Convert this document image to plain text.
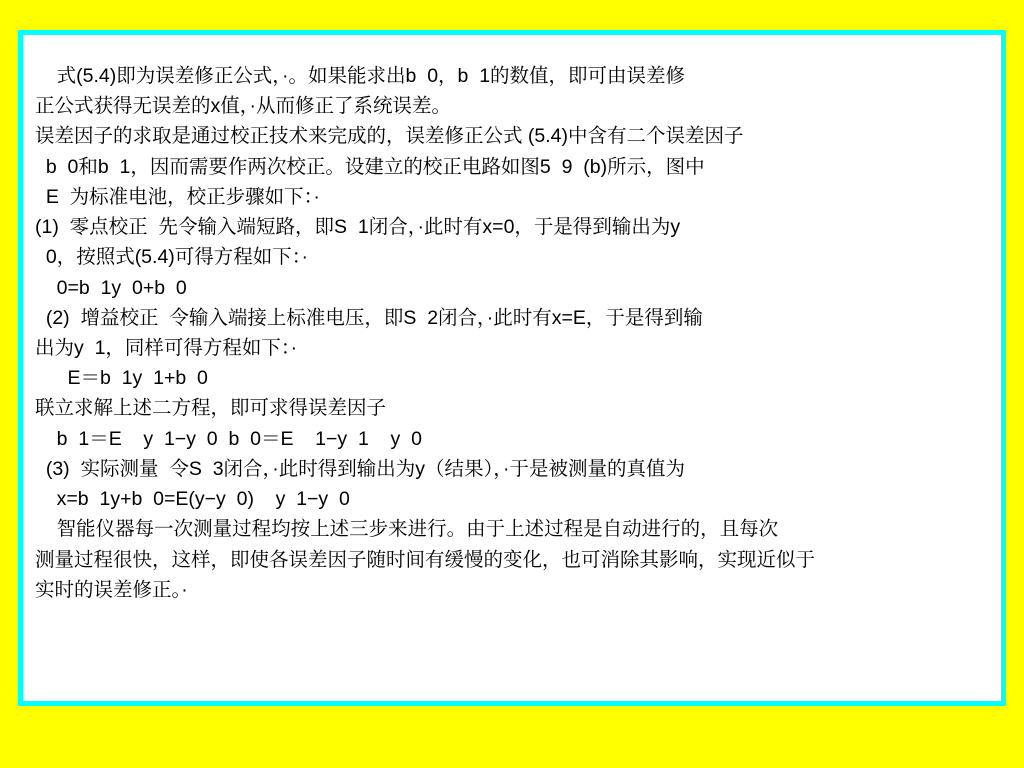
式(5.4)即为误差修正公式，·。如果能求出b  0，b  1的数值，即可由误差修

正公式获得无误差的x值，·从而修正了系统误差。

误差因子的求取是通过校正技术来完成的，误差修正公式 (5.4)中含有二个误差因子

b  0和b  1，因而需要作两次校正。设建立的校正电路如图5  9  (b)所示，图中

E  为标准电池，校正步骤如下：·

(1)  零点校正  先令输入端短路，即S  1闭合，·此时有x=0，于是得到输出为y

0，按照式(5.4)可得方程如下：·

0=b  1y  0+b  0

(2)  增益校正  令输入端接上标准电压，即S  2闭合，·此时有x=E，于是得到输

出为y  1，同样可得方程如下：·

E＝b  1y  1+b  0

联立求解上述二方程，即可求得误差因子

b  1＝E    y  1−y  0  b  0＝E    1−y  1    y  0

(3)  实际测量  令S  3闭合，·此时得到输出为y（结果），·于是被测量的真值为

x=b  1y+b  0=E(y−y  0)    y  1−y  0

智能仪器每一次测量过程均按上述三步来进行。由于上述过程是自动进行的，且每次

测量过程很快，这样，即使各误差因子随时间有缓慢的变化，也可消除其影响，实现近似于

实时的误差修正。·
